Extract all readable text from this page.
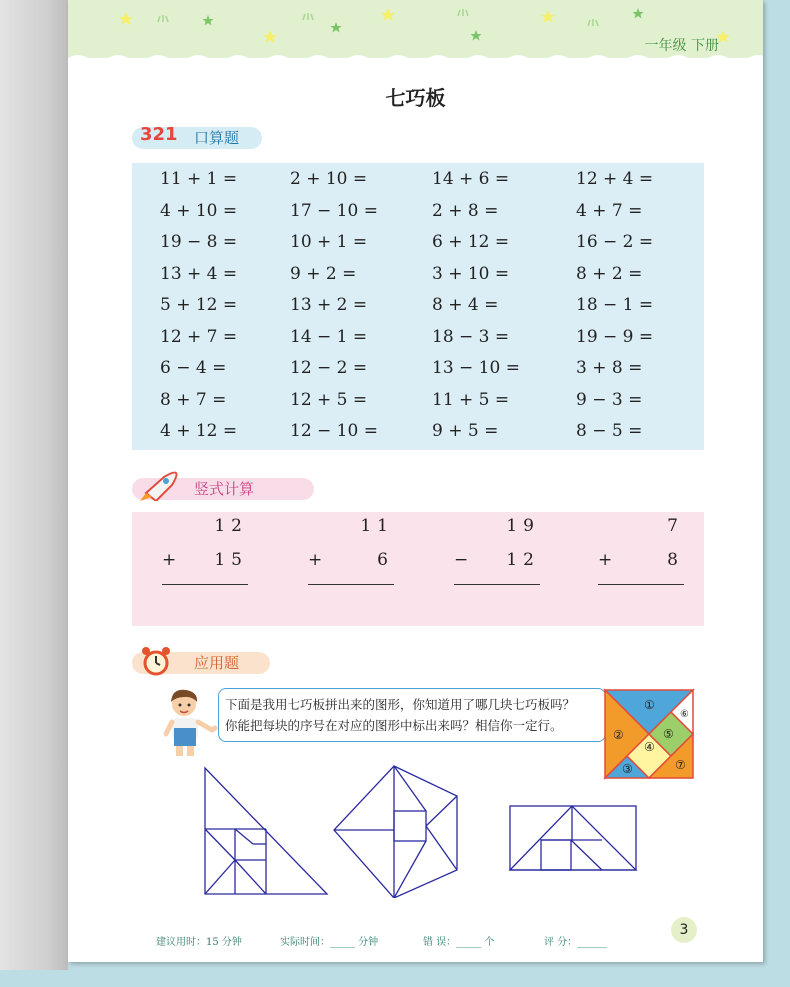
一年级 下册
七巧板
321 口算题
11 + 1 =	2 + 10 =	14 + 6 =	12 + 4 =
4 + 10 =	17 − 10 =	2 + 8 =	4 + 7 =
19 − 8 =	10 + 1 =	6 + 12 =	16 − 2 =
13 + 4 =	9 + 2 =	3 + 10 =	8 + 2 =
5 + 12 =	13 + 2 =	8 + 4 =	18 − 1 =
12 + 7 =	14 − 1 =	18 − 3 =	19 − 9 =
6 − 4 =	12 − 2 =	13 − 10 =	3 + 8 =
8 + 7 =	12 + 5 =	11 + 5 =	9 − 3 =
4 + 12 =	12 − 10 =	9 + 5 =	8 − 5 =
竖式计算
12
+ 15
11
+	6
19
− 12
7
+	8
应用题
下面是我用七巧板拼出来的图形，你知道用了哪几块七巧板吗？
你能把每块的序号在对应的图形中标出来吗？相信你一定行。
①
②
③
④
⑤
⑥
⑦
建议用时：15 分钟	实际时间：_____ 分钟	错 误：_____ 个	评 分：______
3
